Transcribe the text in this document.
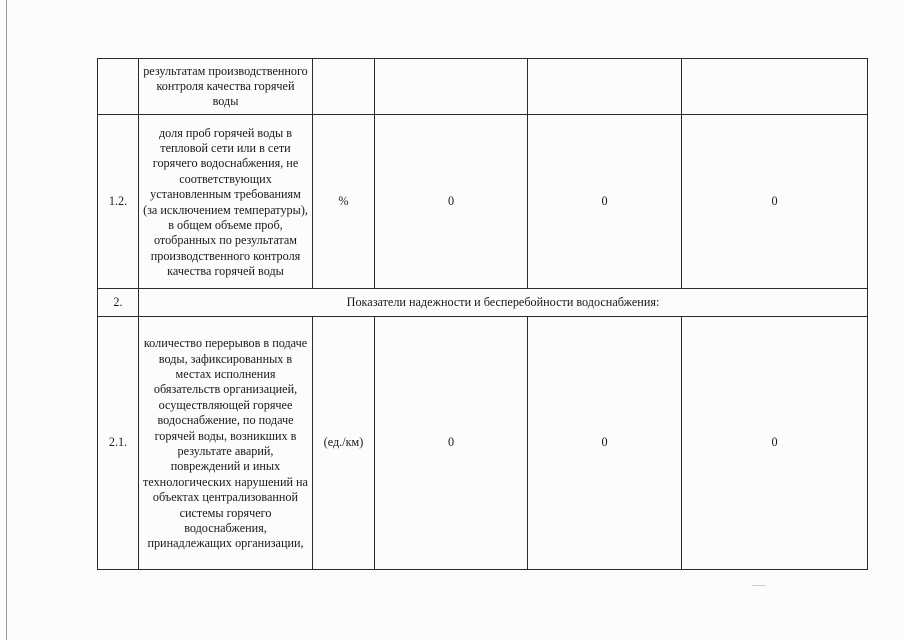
	результатам производственного контроля качества горячей воды				
1.2.	доля проб горячей воды в тепловой сети или в сети горячего водоснабжения, не соответствующих установленным требованиям (за исключением температуры), в общем объеме проб, отобранных по результатам производственного контроля качества горячей воды	%	0	0	0
2.	Показатели надежности и бесперебойности водоснабжения:				
2.1.	количество перерывов в подаче воды, зафиксированных в местах исполнения обязательств организацией, осуществляющей горячее водоснабжение, по подаче горячей воды, возникших в результате аварий, повреждений и иных технологических нарушений на объектах централизованной системы горячего водоснабжения, принадлежащих организации,	(ед./км)	0	0	0
